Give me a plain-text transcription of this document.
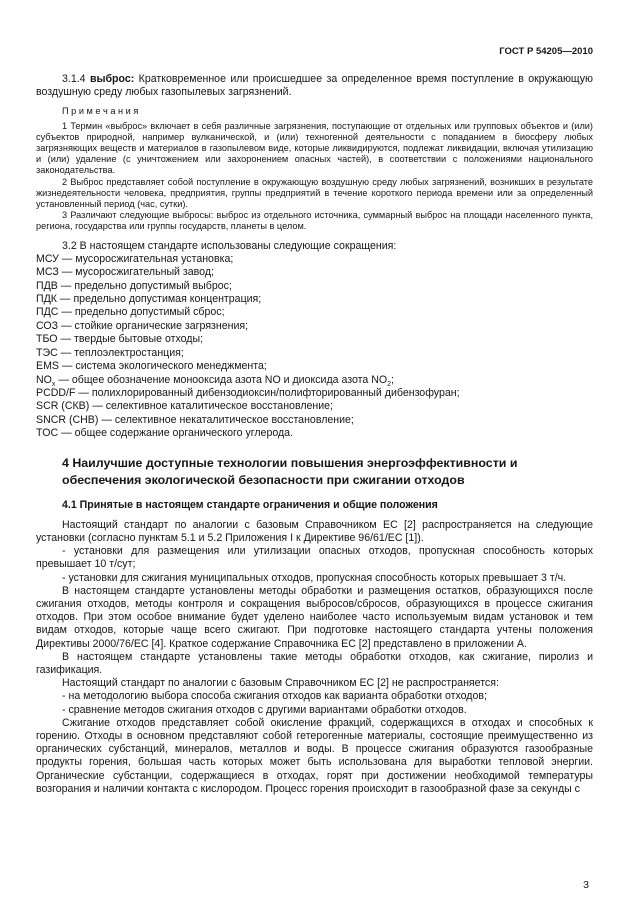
ГОСТ Р 54205—2010

3.1.4 выброс: Кратковременное или происшедшее за определенное время поступление в окружающую воздушную среду любых газопылевых загрязнений.

П р и м е ч а н и я

1 Термин «выброс» включает в себя различные загрязнения, поступающие от отдельных или групповых объектов и (или) субъектов природной, например вулканической, и (или) техногенной деятельности с попаданием в биосферу любых загрязняющих веществ и материалов в газопылевом виде, которые ликвидируются, подлежат ликвидации, включая утилизацию и (или) удаление (с уничтожением или захоронением опасных частей), в соответствии с положениями национального законодательства.

2 Выброс представляет собой поступление в окружающую воздушную среду любых загрязнений, возникших в результате жизнедеятельности человека, предприятия, группы предприятий в течение короткого периода времени или за определенный установленный период (час, сутки).

3 Различают следующие выбросы: выброс из отдельного источника, суммарный выброс на площади населенного пункта, региона, государства или группы государств, планеты в целом.

3.2 В настоящем стандарте использованы следующие сокращения:

МСУ — мусоросжигательная установка;

МСЗ — мусоросжигательный завод;

ПДВ — предельно допустимый выброс;

ПДК — предельно допустимая концентрация;

ПДС — предельно допустимый сброс;

СОЗ — стойкие органические загрязнения;

ТБО — твердые бытовые отходы;

ТЭС — теплоэлектростанция;

EMS — система экологического менеджмента;

$NO_x$ — общее обозначение монооксида азота NO и диоксида азота $NO_2$;

PCDD/F — полихлорированный дибензодиоксин/полифторированный дибензофуран;

SCR (СКВ) — селективное каталитическое восстановление;

SNCR (СНВ) — селективное некаталитическое восстановление;

TOC — общее содержание органического углерода.

4 Наилучшие доступные технологии повышения энергоэффективности и обеспечения экологической безопасности при сжигании отходов
4.1 Принятые в настоящем стандарте ограничения и общие положения

Настоящий стандарт по аналогии с базовым Справочником ЕС [2] распространяется на следующие установки (согласно пунктам 5.1 и 5.2 Приложения I к Директиве 96/61/ЕС [1]).

- установки для размещения или утилизации опасных отходов, пропускная способность которых превышает 10 т/сут;

- установки для сжигания муниципальных отходов, пропускная способность которых превышает 3 т/ч.

В настоящем стандарте установлены методы обработки и размещения остатков, образующихся после сжигания отходов, методы контроля и сокращения выбросов/сбросов, образующихся в процессе сжигания отходов. При этом особое внимание будет уделено наиболее часто используемым видам установок и тем видам отходов, которые чаще всего сжигают. При подготовке настоящего стандарта учтены положения Директивы 2000/76/ЕС [4]. Краткое содержание Справочника ЕС [2] представлено в приложении А.

В настоящем стандарте установлены такие методы обработки отходов, как сжигание, пиролиз и газификация.

Настоящий стандарт по аналогии с базовым Справочником ЕС [2] не распространяется:

- на методологию выбора способа сжигания отходов как варианта обработки отходов;

- сравнение методов сжигания отходов с другими вариантами обработки отходов.

Сжигание отходов представляет собой окисление фракций, содержащихся в отходах и способных к горению. Отходы в основном представляют собой гетерогенные материалы, состоящие преимущественно из органических субстанций, минералов, металлов и воды. В процессе сжигания образуются газообразные продукты горения, большая часть которых может быть использована для выработки тепловой энергии. Органические субстанции, содержащиеся в отходах, горят при достижении необходимой температуры возгорания и наличии контакта с кислородом. Процесс горения происходит в газообразной фазе за секунды с

3
